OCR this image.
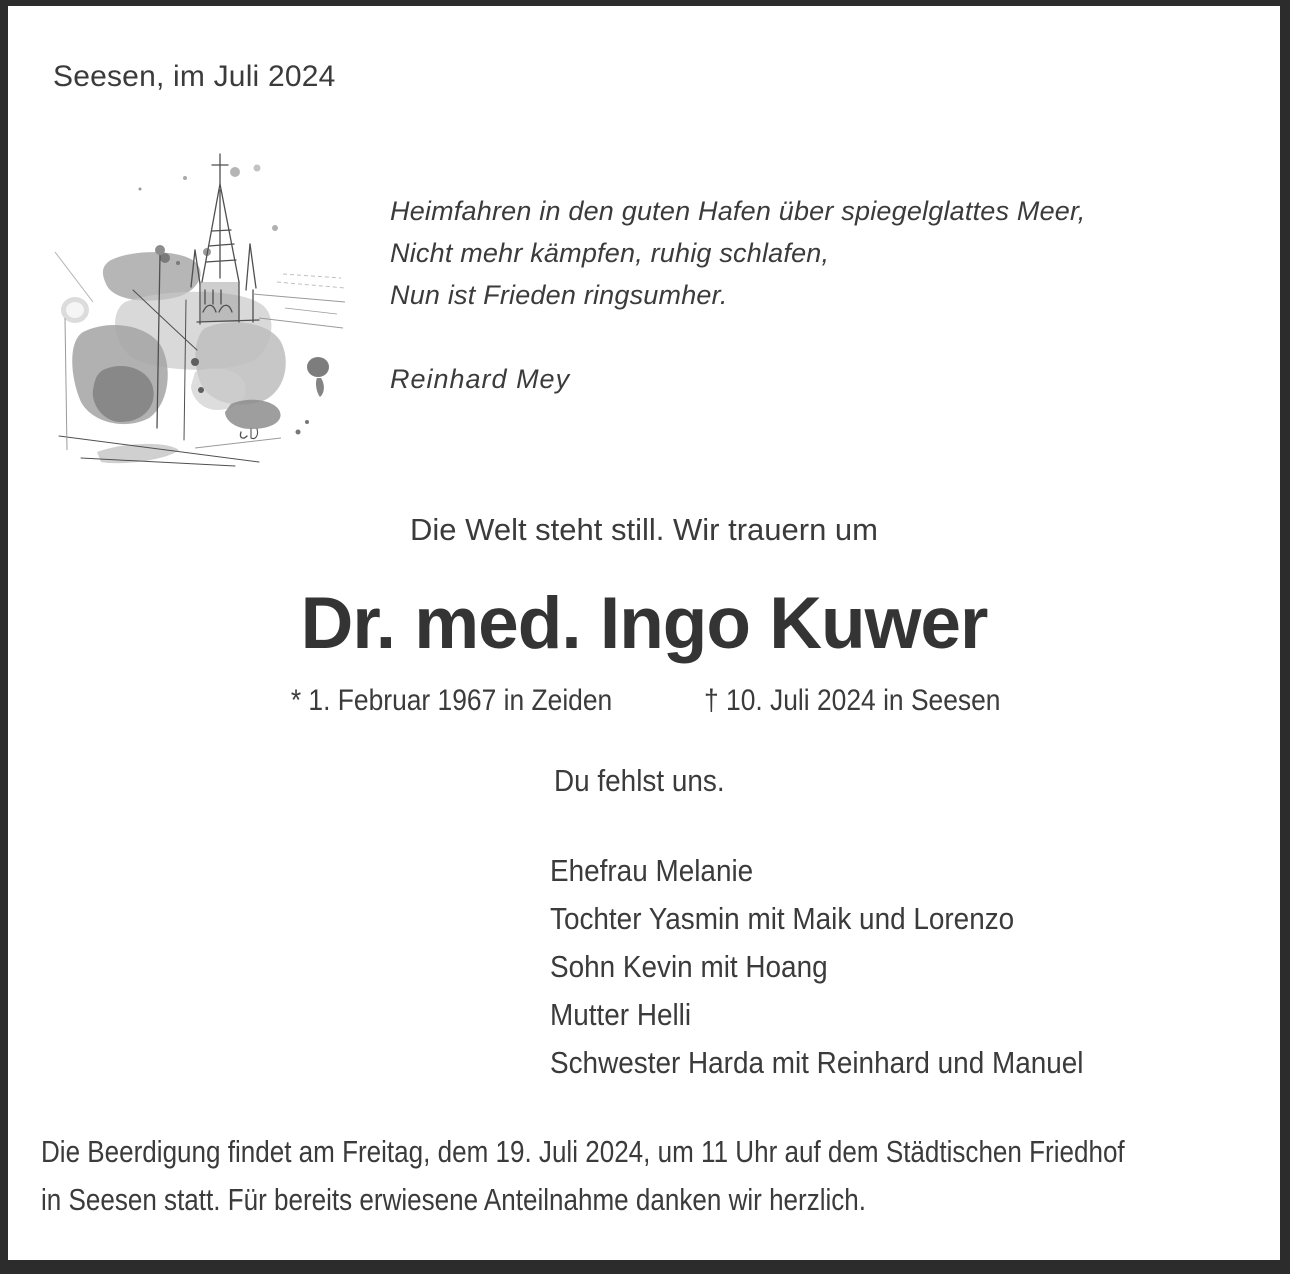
Seesen, im Juli 2024
Heimfahren in den guten Hafen über spiegelglattes Meer,
Nicht mehr kämpfen, ruhig schlafen,
Nun ist Frieden ringsumher.
Reinhard Mey
Die Welt steht still. Wir trauern um
Dr. med. Ingo Kuwer
* 1. Februar 1967 in Zeiden	† 10. Juli 2024 in Seesen
Du fehlst uns.
Ehefrau Melanie
Tochter Yasmin mit Maik und Lorenzo
Sohn Kevin mit Hoang
Mutter Helli
Schwester Harda mit Reinhard und Manuel
Die Beerdigung findet am Freitag, dem 19. Juli 2024, um 11 Uhr auf dem Städtischen Friedhof
in Seesen statt. Für bereits erwiesene Anteilnahme danken wir herzlich.
